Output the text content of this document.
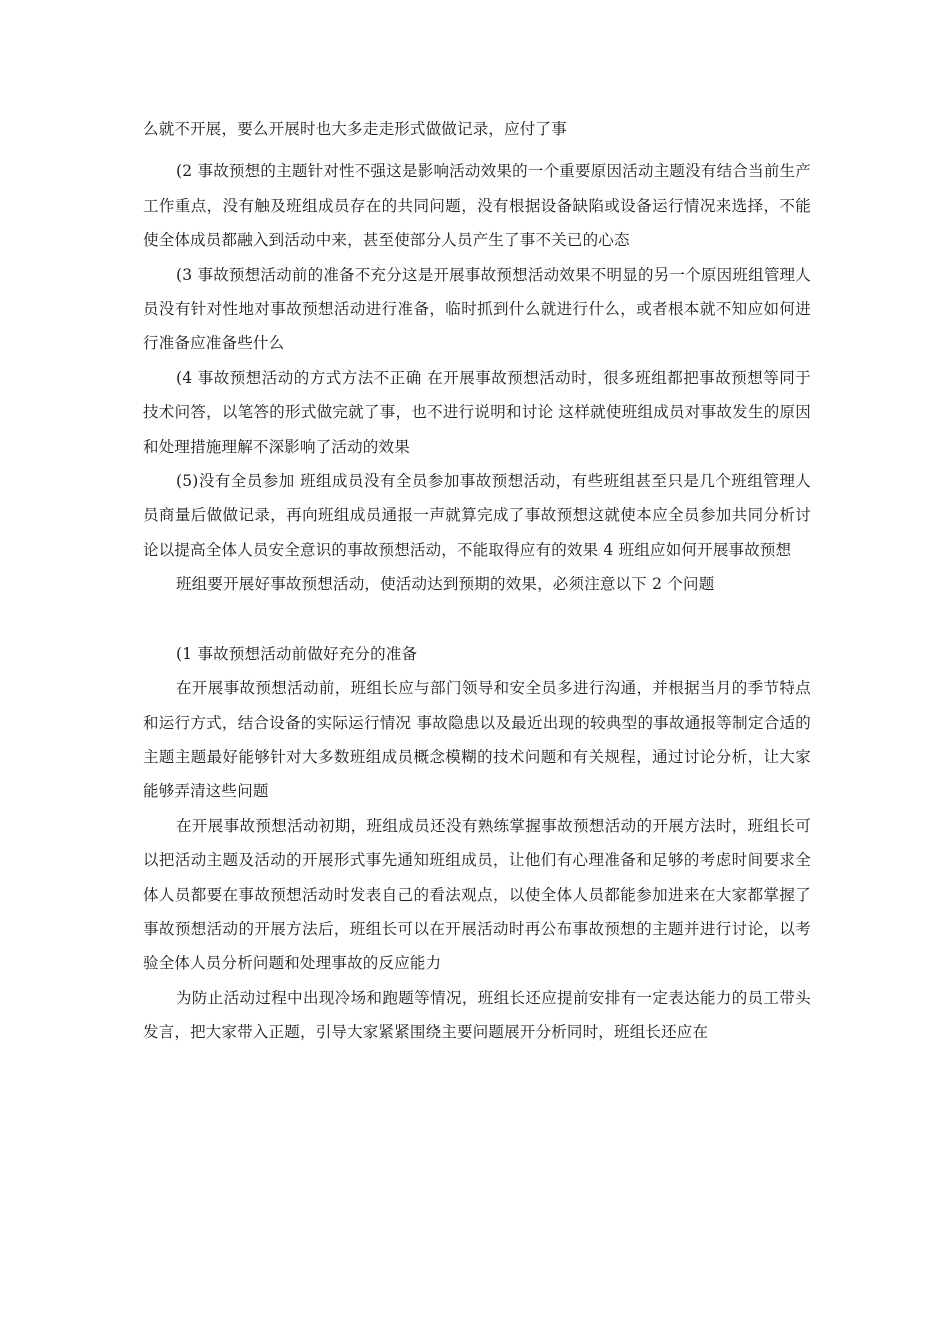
么就不开展，要么开展时也大多走走形式做做记录，应付了事

(2 事故预想的主题针对性不强这是影响活动效果的一个重要原因活动主题没有结合当前生产工作重点，没有触及班组成员存在的共同问题，没有根据设备缺陷或设备运行情况来选择，不能使全体成员都融入到活动中来，甚至使部分人员产生了事不关已的心态

(3 事故预想活动前的准备不充分这是开展事故预想活动效果不明显的另一个原因班组管理人员没有针对性地对事故预想活动进行准备，临时抓到什么就进行什么，或者根本就不知应如何进行准备应准备些什么

(4 事故预想活动的方式方法不正确 在开展事故预想活动时，很多班组都把事故预想等同于技术问答，以笔答的形式做完就了事，也不进行说明和讨论 这样就使班组成员对事故发生的原因和处理措施理解不深影响了活动的效果

(5)没有全员参加 班组成员没有全员参加事故预想活动，有些班组甚至只是几个班组管理人员商量后做做记录，再向班组成员通报一声就算完成了事故预想这就使本应全员参加共同分析讨论以提高全体人员安全意识的事故预想活动，不能取得应有的效果 4 班组应如何开展事故预想

班组要开展好事故预想活动，使活动达到预期的效果，必须注意以下 2 个问题

(1 事故预想活动前做好充分的准备

在开展事故预想活动前，班组长应与部门领导和安全员多进行沟通，并根据当月的季节特点和运行方式，结合设备的实际运行情况 事故隐患以及最近出现的较典型的事故通报等制定合适的主题主题最好能够针对大多数班组成员概念模糊的技术问题和有关规程，通过讨论分析，让大家能够弄清这些问题

在开展事故预想活动初期，班组成员还没有熟练掌握事故预想活动的开展方法时，班组长可以把活动主题及活动的开展形式事先通知班组成员，让他们有心理准备和足够的考虑时间要求全体人员都要在事故预想活动时发表自己的看法观点，以使全体人员都能参加进来在大家都掌握了事故预想活动的开展方法后，班组长可以在开展活动时再公布事故预想的主题并进行讨论，以考验全体人员分析问题和处理事故的反应能力

为防止活动过程中出现冷场和跑题等情况，班组长还应提前安排有一定表达能力的员工带头发言，把大家带入正题，引导大家紧紧围绕主要问题展开分析同时，班组长还应在
